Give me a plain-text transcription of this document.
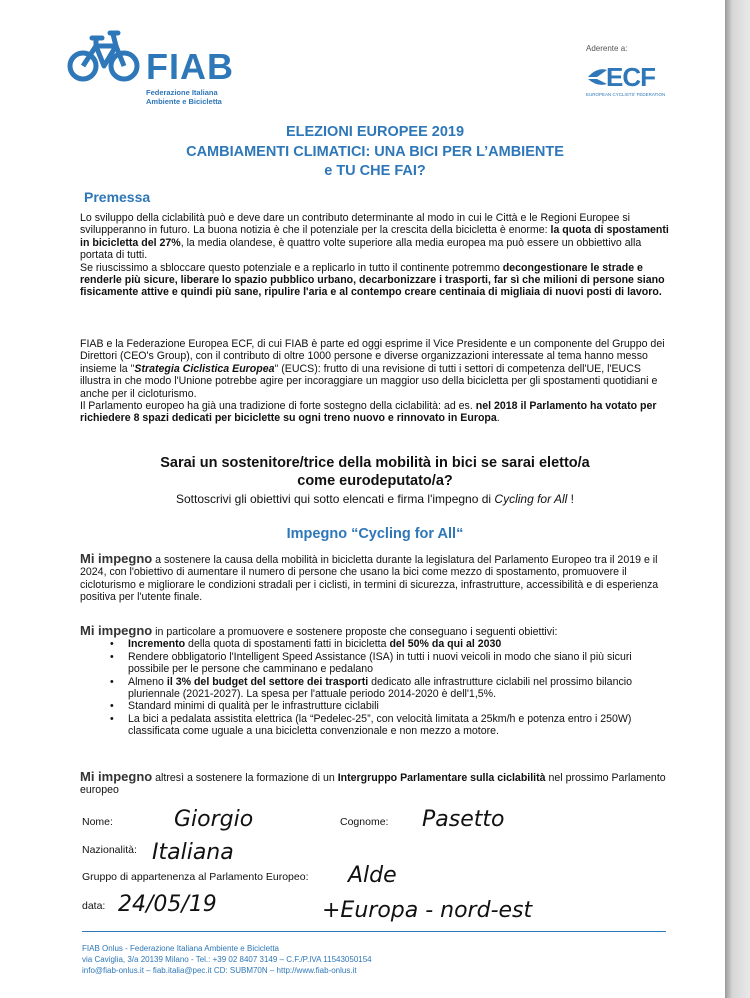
FIAB
Federazione Italiana
Ambiente e Bicicletta
Aderente a:
ECF
EUROPEAN CYCLISTS' FEDERATION
ELEZIONI EUROPEE 2019
CAMBIAMENTI CLIMATICI: UNA BICI PER L’AMBIENTE
e TU CHE FAI?
Premessa
Lo sviluppo della ciclabilità può e deve dare un contributo determinante al modo in cui le Città e le Regioni Europee si svilupperanno in futuro. La buona notizia è che il potenziale per la crescita della bicicletta è enorme: la quota di spostamenti in bicicletta del 27%, la media olandese, è quattro volte superiore alla media europea ma può essere un obbiettivo alla portata di tutti.
Se riuscissimo a sbloccare questo potenziale e a replicarlo in tutto il continente potremmo decongestionare le strade e renderle più sicure, liberare lo spazio pubblico urbano, decarbonizzare i trasporti, far sì che milioni di persone siano fisicamente attive e quindi più sane, ripulire l'aria e al contempo creare centinaia di migliaia di nuovi posti di lavoro.
FIAB e la Federazione Europea ECF, di cui FIAB è parte ed oggi esprime il Vice Presidente e un componente del Gruppo dei Direttori (CEO's Group), con il contributo di oltre 1000 persone e diverse organizzazioni interessate al tema hanno messo insieme la "Strategia Ciclistica Europea" (EUCS): frutto di una revisione di tutti i settori di competenza dell'UE, l'EUCS illustra in che modo l'Unione potrebbe agire per incoraggiare un maggior uso della bicicletta per gli spostamenti quotidiani e anche per il cicloturismo.
Il Parlamento europeo ha già una tradizione di forte sostegno della ciclabilità: ad es. nel 2018 il Parlamento ha votato per richiedere 8 spazi dedicati per biciclette su ogni treno nuovo e rinnovato in Europa.
Sarai un sostenitore/trice della mobilità in bici se sarai eletto/a
come eurodeputato/a?
Sottoscrivi gli obiettivi qui sotto elencati e firma l'impegno di Cycling for All !
Impegno “Cycling for All“
Mi impegno a sostenere la causa della mobilità in bicicletta durante la legislatura del Parlamento Europeo tra il 2019 e il 2024, con l'obiettivo di aumentare il numero di persone che usano la bici come mezzo di spostamento, promuovere il cicloturismo e migliorare le condizioni stradali per i ciclisti, in termini di sicurezza, infrastrutture, accessibilità e di esperienza positiva per l'utente finale.
Mi impegno in particolare a promuovere e sostenere proposte che conseguano i seguenti obiettivi:
• Incremento della quota di spostamenti fatti in bicicletta del 50% da qui al 2030
• Rendere obbligatorio l'Intelligent Speed Assistance (ISA) in tutti i nuovi veicoli in modo che siano il più sicuri possibile per le persone che camminano e pedalano
• Almeno il 3% del budget del settore dei trasporti dedicato alle infrastrutture ciclabili nel prossimo bilancio pluriennale (2021-2027). La spesa per l'attuale periodo 2014-2020 è dell'1,5%.
• Standard minimi di qualità per le infrastrutture ciclabili
• La bici a pedalata assistita elettrica (la “Pedelec-25”, con velocità limitata a 25km/h e potenza entro i 250W) classificata come uguale a una bicicletta convenzionale e non mezzo a motore.
Mi impegno altresì a sostenere la formazione di un Intergruppo Parlamentare sulla ciclabilità nel prossimo Parlamento europeo
Nome:	Giorgio	Cognome: Pasetto
Nazionalità: Italiana
Gruppo di appartenenza al Parlamento Europeo: Alde
data: 24/05/19	+Europa - nord-est
FIAB Onlus - Federazione Italiana Ambiente e Bicicletta
via Caviglia, 3/a 20139 Milano - Tel.: +39 02 8407 3149 – C.F./P.IVA 11543050154
info@fiab-onlus.it – fiab.italia@pec.it CD: SUBM70N – http://www.fiab-onlus.it
